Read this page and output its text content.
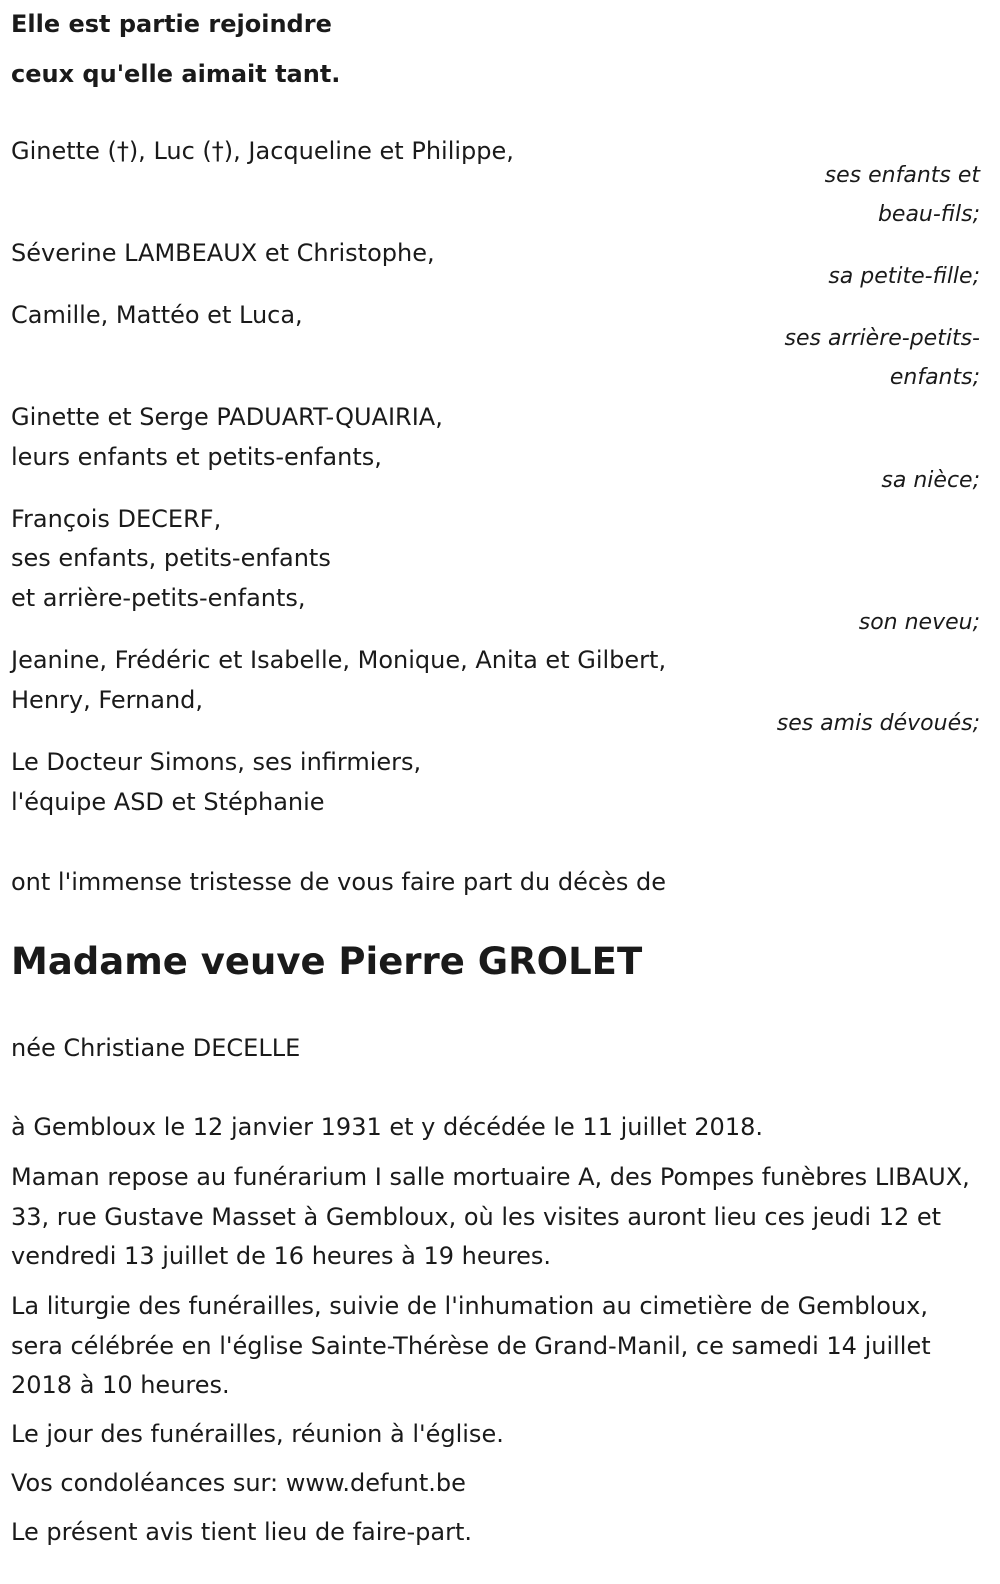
Elle est partie rejoindre
ceux qu'elle aimait tant.
Ginette (†), Luc (†), Jacqueline et Philippe,
ses enfants et
beau-fils;
Séverine LAMBEAUX et Christophe,
sa petite-fille;
Camille, Mattéo et Luca,
ses arrière-petits-
enfants;
Ginette et Serge PADUART-QUAIRIA,
leurs enfants et petits-enfants,
sa nièce;
François DECERF,
ses enfants, petits-enfants
et arrière-petits-enfants,
son neveu;
Jeanine, Frédéric et Isabelle, Monique, Anita et Gilbert,
Henry, Fernand,
ses amis dévoués;
Le Docteur Simons, ses infirmiers,
l'équipe ASD et Stéphanie
ont l'immense tristesse de vous faire part du décès de
Madame veuve Pierre GROLET
née Christiane DECELLE
à Gembloux le 12 janvier 1931 et y décédée le 11 juillet 2018.
Maman repose au funérarium I salle mortuaire A, des Pompes funèbres LIBAUX, 33, rue Gustave Masset à Gembloux, où les visites auront lieu ces jeudi 12 et vendredi 13 juillet de 16 heures à 19 heures.
La liturgie des funérailles, suivie de l'inhumation au cimetière de Gembloux, sera célébrée en l'église Sainte-Thérèse de Grand-Manil, ce samedi 14 juillet 2018 à 10 heures.
Le jour des funérailles, réunion à l'église.
Vos condoléances sur: www.defunt.be
Le présent avis tient lieu de faire-part.
